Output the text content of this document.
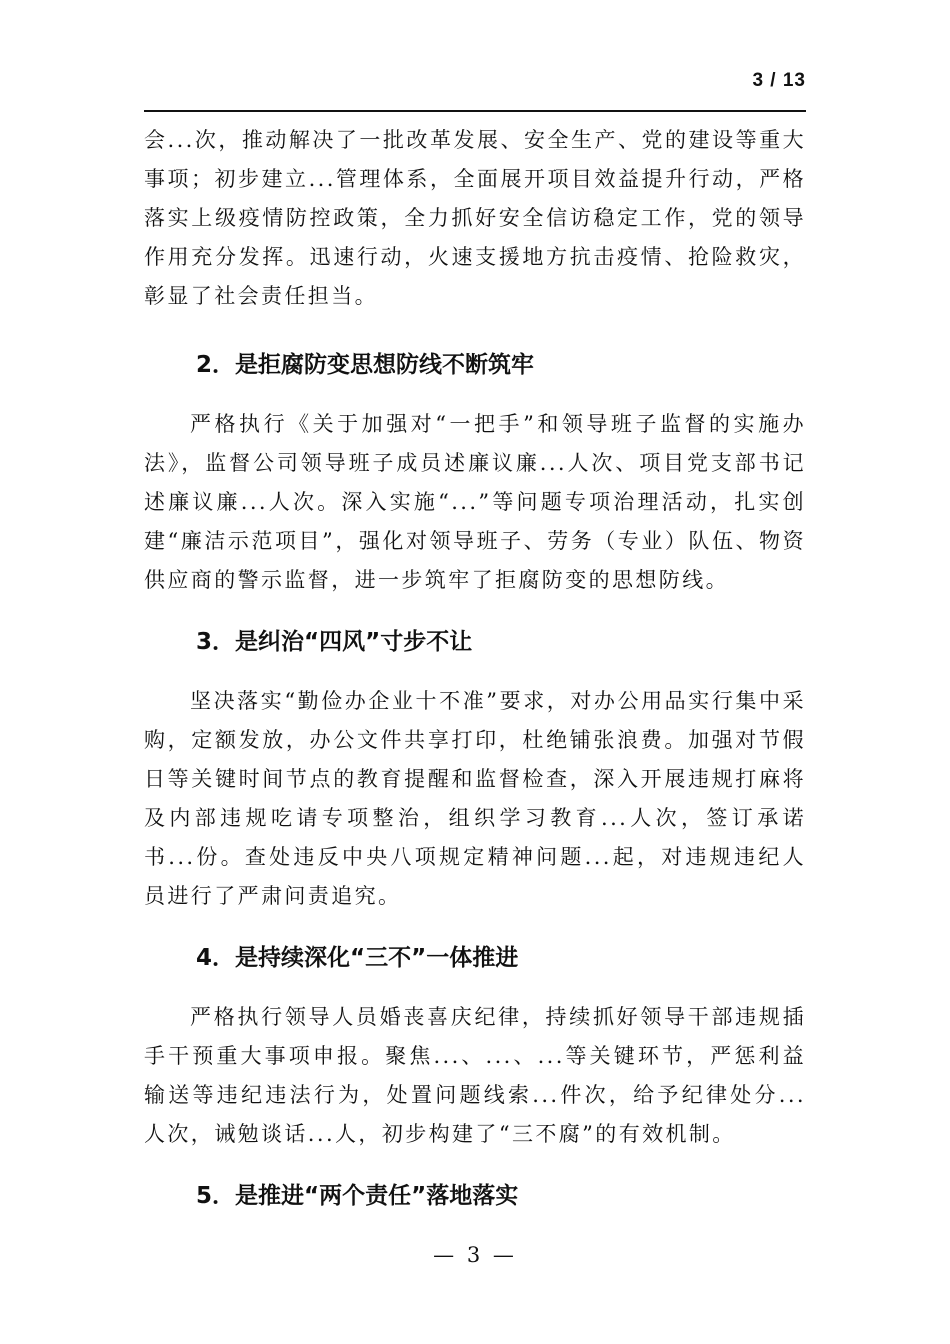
3 / 13

会...次，推动解决了一批改革发展、安全生产、党的建设等重大事项；初步建立...管理体系，全面展开项目效益提升行动，严格落实上级疫情防控政策，全力抓好安全信访稳定工作，党的领导作用充分发挥。迅速行动，火速支援地方抗击疫情、抢险救灾，彰显了社会责任担当。

2．是拒腐防变思想防线不断筑牢

严格执行《关于加强对“一把手”和领导班子监督的实施办法》，监督公司领导班子成员述廉议廉...人次、项目党支部书记述廉议廉...人次。深入实施“...”等问题专项治理活动，扎实创建“廉洁示范项目”，强化对领导班子、劳务（专业）队伍、物资供应商的警示监督，进一步筑牢了拒腐防变的思想防线。

3．是纠治“四风”寸步不让

坚决落实“勤俭办企业十不准”要求，对办公用品实行集中采购，定额发放，办公文件共享打印，杜绝铺张浪费。加强对节假日等关键时间节点的教育提醒和监督检查，深入开展违规打麻将及内部违规吃请专项整治，组织学习教育...人次，签订承诺书...份。查处违反中央八项规定精神问题...起，对违规违纪人员进行了严肃问责追究。

4．是持续深化“三不”一体推进

严格执行领导人员婚丧喜庆纪律，持续抓好领导干部违规插手干预重大事项申报。聚焦...、...、...等关键环节，严惩利益输送等违纪违法行为，处置问题线索...件次，给予纪律处分...人次，诫勉谈话...人，初步构建了“三不腐”的有效机制。

5．是推进“两个责任”落地落实
— 3 —
